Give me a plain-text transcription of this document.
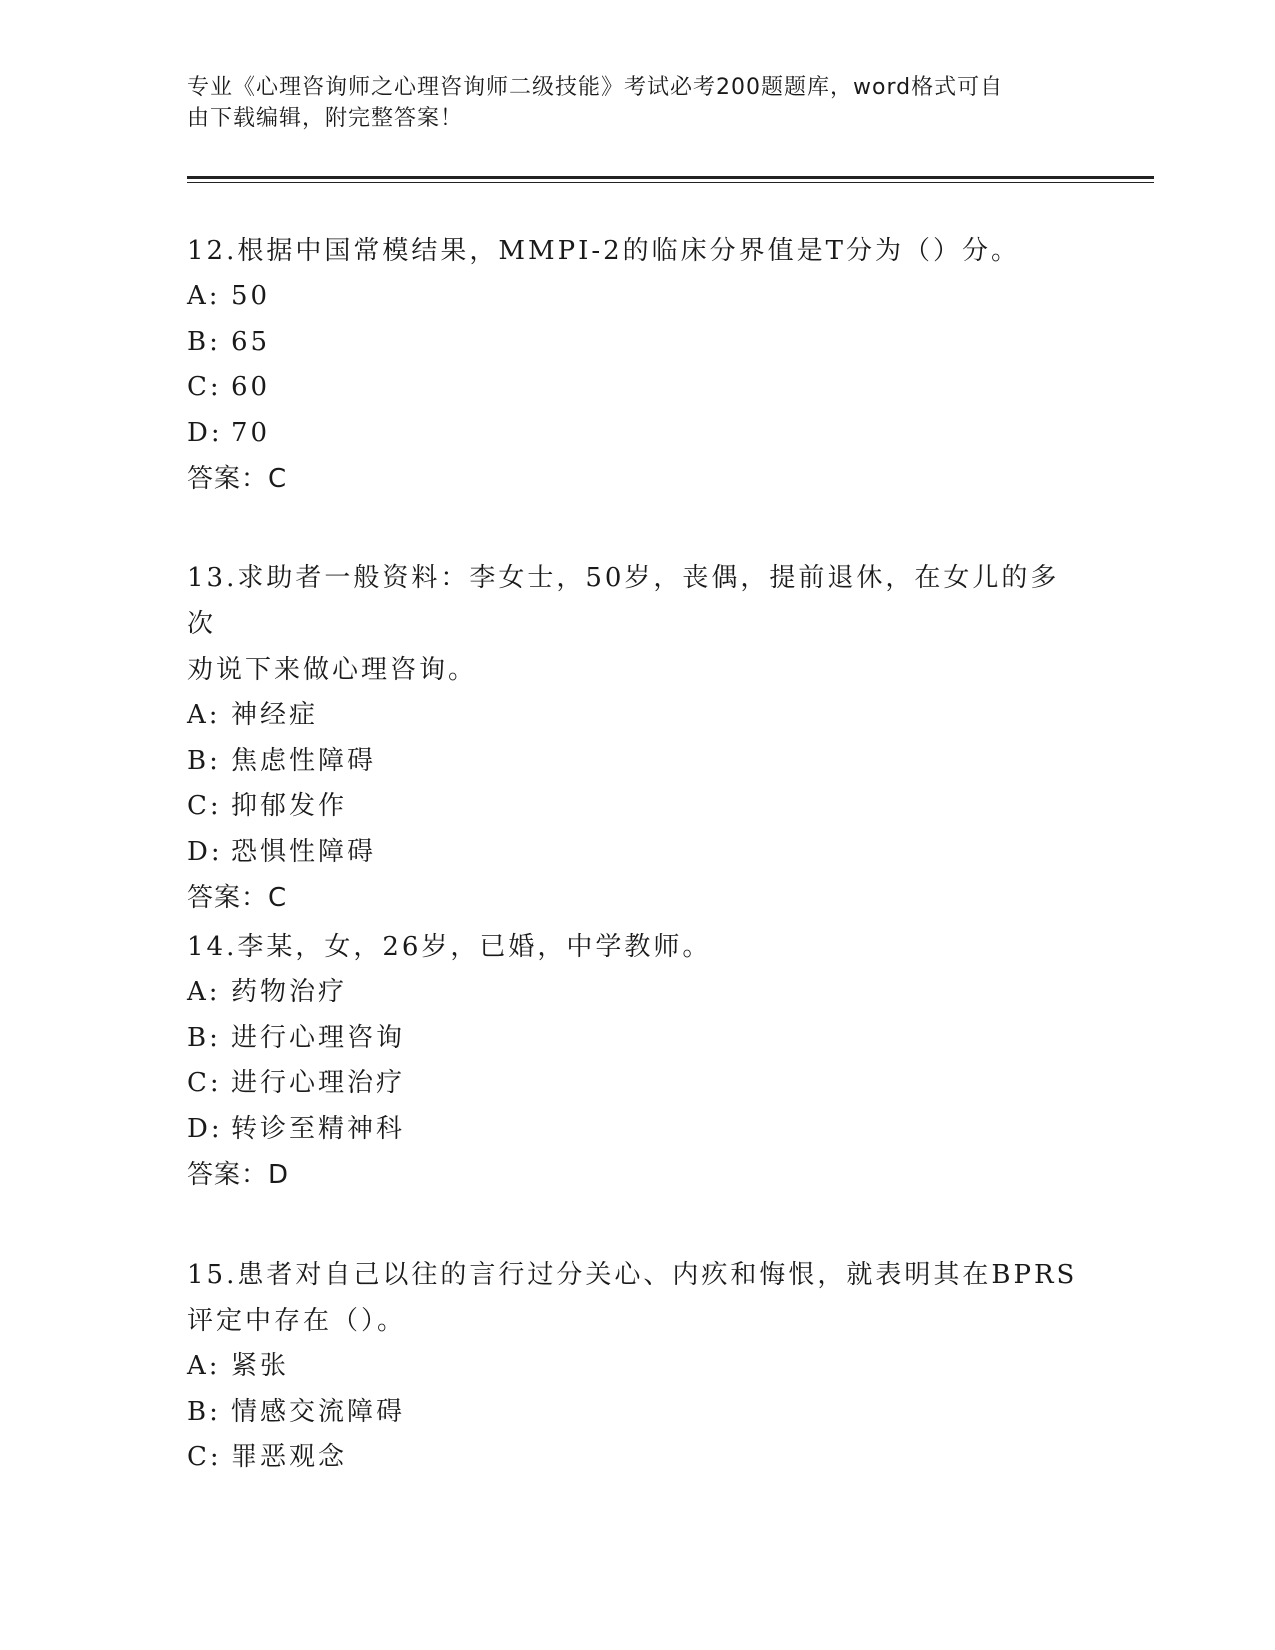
专业《心理咨询师之心理咨询师二级技能》考试必考200题题库，word格式可自
由下载编辑，附完整答案！
12.根据中国常模结果，MMPI-2的临床分界值是T分为（）分。
A: 50
B: 65
C: 60
D: 70
答案：C
13.求助者一般资料：李女士，50岁，丧偶，提前退休，在女儿的多次
劝说下来做心理咨询。
A: 神经症
B: 焦虑性障碍
C: 抑郁发作
D: 恐惧性障碍
答案：C
14.李某，女，26岁，已婚，中学教师。
A: 药物治疗
B: 进行心理咨询
C: 进行心理治疗
D: 转诊至精神科
答案：D
15.患者对自己以往的言行过分关心、内疚和悔恨，就表明其在BPRS
评定中存在（）。
A: 紧张
B: 情感交流障碍
C: 罪恶观念
